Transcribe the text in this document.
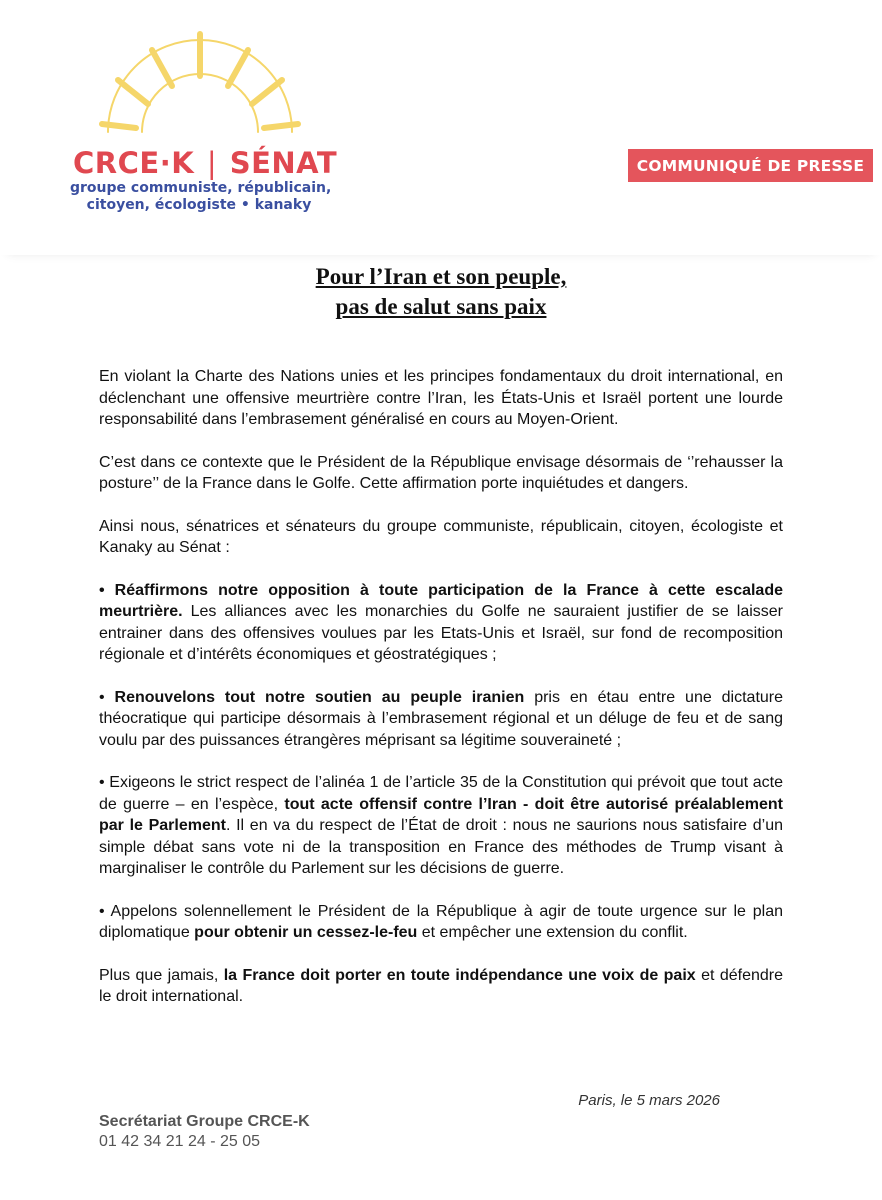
CRCE·K | SÉNAT
groupe communiste, républicain,
citoyen, écologiste • kanaky
COMMUNIQUÉ DE PRESSE
Pour l’Iran et son peuple,
pas de salut sans paix

En violant la Charte des Nations unies et les principes fondamentaux du droit international, en déclenchant une offensive meurtrière contre l’Iran, les États-Unis et Israël portent une lourde responsabilité dans l’embrasement généralisé en cours au Moyen-Orient.

C’est dans ce contexte que le Président de la République envisage désormais de ‘’rehausser la posture’’ de la France dans le Golfe. Cette affirmation porte inquiétudes et dangers.

Ainsi nous, sénatrices et sénateurs du groupe communiste, républicain, citoyen, écologiste et Kanaky au Sénat :

• Réaffirmons notre opposition à toute participation de la France à cette escalade meurtrière. Les alliances avec les monarchies du Golfe ne sauraient justifier de se laisser entrainer dans des offensives voulues par les Etats-Unis et Israël, sur fond de recomposition régionale et d’intérêts économiques et géostratégiques ;

• Renouvelons tout notre soutien au peuple iranien pris en étau entre une dictature théocratique qui participe désormais à l’embrasement régional et un déluge de feu et de sang voulu par des puissances étrangères méprisant sa légitime souveraineté ;

• Exigeons le strict respect de l’alinéa 1 de l’article 35 de la Constitution qui prévoit que tout acte de guerre – en l’espèce, tout acte offensif contre l’Iran - doit être autorisé préalablement par le Parlement. Il en va du respect de l’État de droit : nous ne saurions nous satisfaire d’un simple débat sans vote ni de la transposition en France des méthodes de Trump visant à marginaliser le contrôle du Parlement sur les décisions de guerre.

• Appelons solennellement le Président de la République à agir de toute urgence sur le plan diplomatique pour obtenir un cessez-le-feu et empêcher une extension du conflit.

Plus que jamais, la France doit porter en toute indépendance une voix de paix et défendre le droit international.

Paris, le 5 mars 2026
Secrétariat Groupe CRCE-K
01 42 34 21 24 - 25 05
